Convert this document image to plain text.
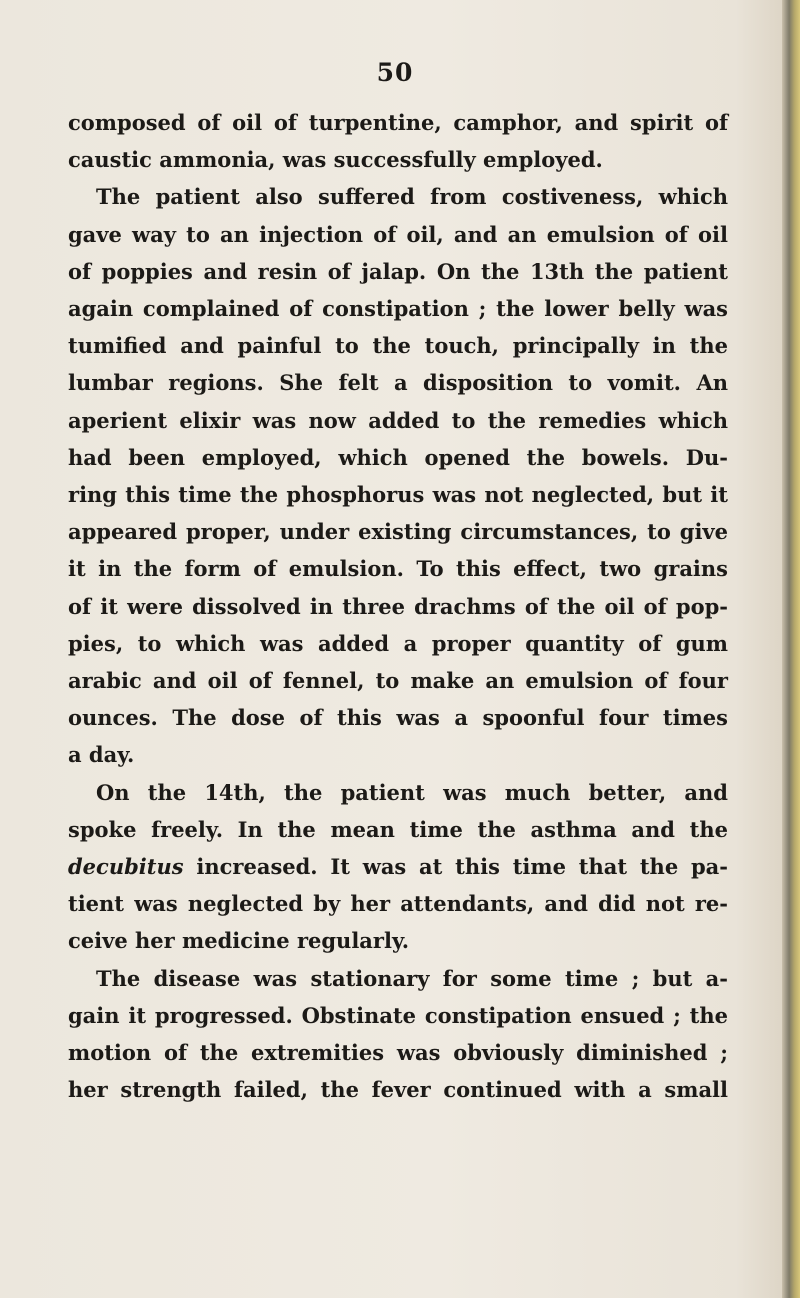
50
composed of oil of turpentine, camphor, and spirit of
caustic ammonia, was successfully employed.
The patient also suffered from costiveness, which
gave way to an injection of oil, and an emulsion of oil
of poppies and resin of jalap. On the 13th the patient
again complained of constipation ; the lower belly was
tumified and painful to the touch, principally in the
lumbar regions. She felt a disposition to vomit. An
aperient elixir was now added to the remedies which
had been employed, which opened the bowels. Du-
ring this time the phosphorus was not neglected, but it
appeared proper, under existing circumstances, to give
it in the form of emulsion. To this effect, two grains
of it were dissolved in three drachms of the oil of pop-
pies, to which was added a proper quantity of gum
arabic and oil of fennel, to make an emulsion of four
ounces. The dose of this was a spoonful four times
a day.
On the 14th, the patient was much better, and
spoke freely. In the mean time the asthma and the
decubitus increased. It was at this time that the pa-
tient was neglected by her attendants, and did not re-
ceive her medicine regularly.
The disease was stationary for some time ; but a-
gain it progressed. Obstinate constipation ensued ; the
motion of the extremities was obviously diminished ;
her strength failed, the fever continued with a small
